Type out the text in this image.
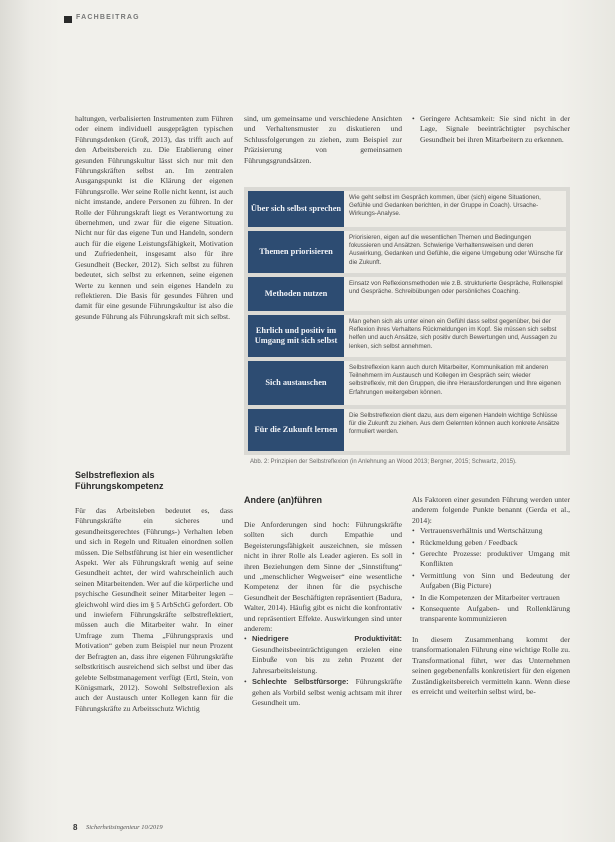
FACHBEITRAG

haltungen, verbalisierten Instrumenten zum Führen oder einem individuell ausgeprägten typischen Führungsdenken (Groß, 2013), das trifft auch auf den Arbeitsbereich zu. Die Etablierung einer gesunden Führungskultur lässt sich nur mit den Führungskräften selbst an. Im zentralen Ausgangspunkt ist die Klärung der eigenen Führungsrolle. Wer seine Rolle nicht kennt, ist auch nicht imstande, andere Personen zu führen. In der Rolle der Führungskraft liegt es Verantwortung zu übernehmen, und zwar für die eigene Situation. Nicht nur für das eigene Tun und Handeln, sondern auch für die eigene Leistungsfähigkeit, Motivation und Zufriedenheit, insgesamt also für ihre Gesundheit (Becker, 2012). Sich selbst zu führen bedeutet, sich selbst zu erkennen, seine eigenen Werte zu kennen und sein eigenes Handeln zu reflektieren. Die Basis für gesundes Führen und damit für eine gesunde Führungskultur ist also die gesunde Führung als Führungskraft mit sich selbst.

Selbstreflexion als Führungskompetenz

Für das Arbeitsleben bedeutet es, dass Führungskräfte ein sicheres und gesundheitsgerechtes (Führungs-) Verhalten leben und sich in Regeln und Ritualen einordnen sollen müssen. Die Selbstführung ist hier ein wesentlicher Aspekt. Wer als Führungskraft wenig auf seine Gesundheit achtet, der wird wahrscheinlich auch seinen Mitarbeitenden. Wer auf die körperliche und psychische Gesundheit seiner Mitarbeiter legen – gleichwohl wird dies im § 5 ArbSchG gefordert. Ob und inwiefern Führungskräfte selbstreflektiert, müssen auch die Mitarbeiter wahr. In einer Umfrage zum Thema „Führungspraxis und Motivation“ geben zum Beispiel nur neun Prozent der Befragten an, dass ihre eigenen Führungskräfte selbstkritisch ausreichend sich selbst und über das gelebte Selbstmanagement verfügt (Ertl, Stein, von Königsmark, 2012). Sowohl Selbstreflexion als auch der Austausch unter Kollegen kann für die Führungskräfte zu Arbeitsschutz Wichtig

sind, um gemeinsame und verschiedene Ansichten und Verhaltensmuster zu diskutieren und Schlussfolgerungen zu ziehen, zum Beispiel zur Präzisierung von gemeinsamen Führungsgrundsätzen.

• Geringere Achtsamkeit: Sie sind nicht in der Lage, Signale beeinträchtigter psychischer Gesundheit bei ihren Mitarbeitern zu erkennen.
Über sich selbst sprechen
Wie geht selbst im Gespräch kommen, über (sich) eigene Situationen, Gefühle und Gedanken berichten, in der Gruppe in Coach). Ursache-Wirkungs-Analyse.
Themen priorisieren
Priorisieren, eigen auf die wesentlichen Themen und Bedingungen fokussieren und Ansätzen. Schwierige Verhaltensweisen und deren Auswirkung, Gedanken und Gefühle, die eigene Umgebung oder Wünsche für die Zukunft.
Methoden nutzen
Einsatz von Reflexionsmethoden wie z.B. strukturierte Gespräche, Rollenspiel und Gespräche. Schreibübungen oder persönliches Coaching.
Ehrlich und positiv im Umgang mit sich selbst
Man gehen sich als unter einen ein Gefühl dass selbst gegenüber, bei der Reflexion ihres Verhaltens Rückmeldungen im Kopf. Sie müssen sich selbst helfen und auch Ansätze, sich positiv durch Bewertungen und, Aussagen zu lenken, sich selbst annehmen.
Sich austauschen
Selbstreflexion kann auch durch Mitarbeiter, Kommunikation mit anderen Teilnehmern im Austausch und Kollegen im Gespräch sein; wieder selbstreflexiv, mit den Gruppen, die ihre Herausforderungen und Ihre eigenen Erfahrungen weitergeben können.
Für die Zukunft lernen
Die Selbstreflexion dient dazu, aus dem eigenen Handeln wichtige Schlüsse für die Zukunft zu ziehen. Aus dem Gelernten können auch konkrete Ansätze formuliert werden.
Abb. 2: Prinzipien der Selbstreflexion (in Anlehnung an Wood 2013; Bergner, 2015; Schwartz, 2015).
Andere (an)führen

Die Anforderungen sind hoch: Führungskräfte sollten sich durch Empathie und Begeisterungsfähigkeit auszeichnen, sie müssen nicht in ihrer Rolle als Leader agieren. Es soll in ihren Beziehungen dem Sinne der „Sinnstiftung“ und „menschlicher Wegweiser“ eine wesentliche Kompetenz der ihnen für die psychische Gesundheit der Beschäftigten repräsentiert (Badura, Walter, 2014). Häufig gibt es nicht die konfrontativ und repräsentiert Effekte. Auswirkungen sind unter anderem:

• Niedrigere Produktivität: Gesundheitsbeeinträchtigungen erzielen eine Einbuße von bis zu zehn Prozent der Jahresarbeitsleistung.
• Schlechte Selbstfürsorge: Führungskräfte gehen als Vorbild selbst wenig achtsam mit ihrer Gesundheit um.

Als Faktoren einer gesunden Führung werden unter anderem folgende Punkte benannt (Gerda et al., 2014):

• Vertrauensverhältnis und Wertschätzung
• Rückmeldung geben / Feedback
• Gerechte Prozesse: produktiver Umgang mit Konflikten
• Vermittlung von Sinn und Bedeutung der Aufgaben (Big Picture)
• In die Kompetenzen der Mitarbeiter vertrauen
• Konsequente Aufgaben- und Rollenklärung transparente kommunizieren

In diesem Zusammenhang kommt der transformationalen Führung eine wichtige Rolle zu. Transformational führt, wer das Unternehmen seinen gegebenenfalls konkretisiert für den eigenen Zuständigkeitsbereich vermitteln kann. Wenn diese es erreicht und weiterhin selbst wird, be-

8 Sicherheitsingenieur 10/2019
